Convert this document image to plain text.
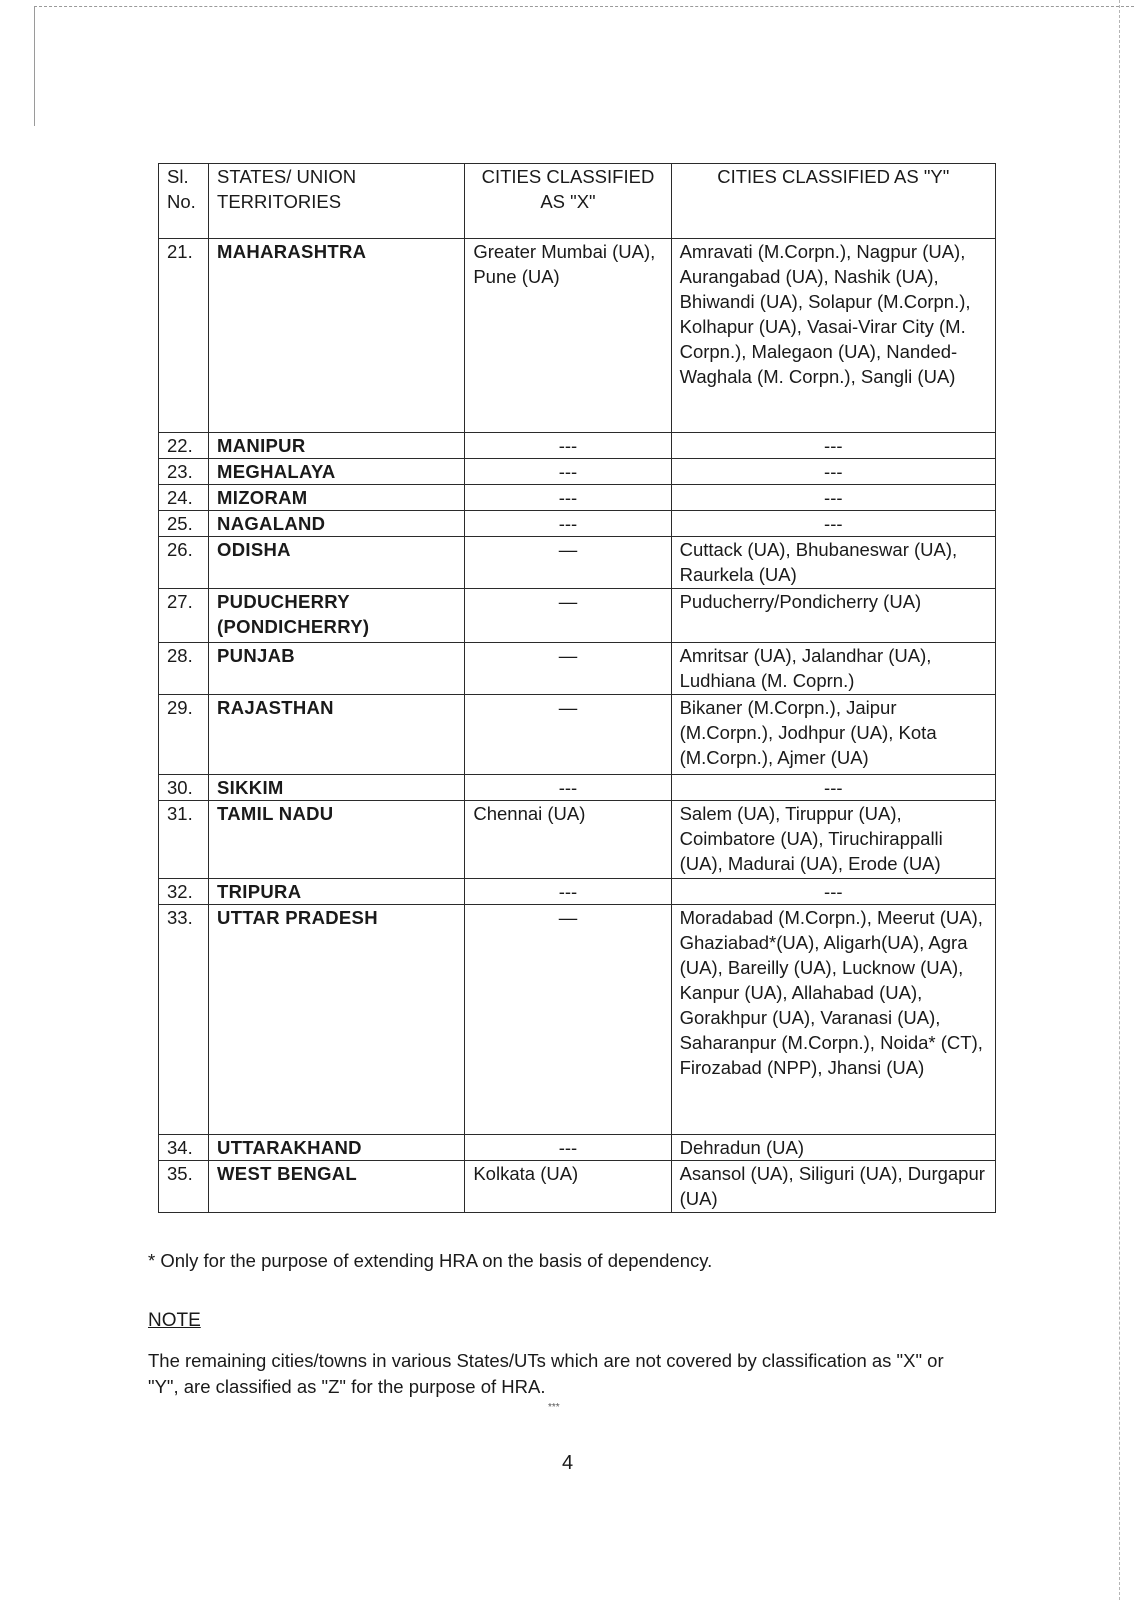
Sl. No.	STATES/ UNION TERRITORIES	CITIES CLASSIFIED AS "X"	CITIES CLASSIFIED AS "Y"
21.	MAHARASHTRA	Greater Mumbai (UA), Pune (UA)	Amravati (M.Corpn.), Nagpur (UA), Aurangabad (UA), Nashik (UA), Bhiwandi (UA), Solapur (M.Corpn.), Kolhapur (UA), Vasai-Virar City (M. Corpn.), Malegaon (UA), Nanded-Waghala (M. Corpn.), Sangli (UA)
22.	MANIPUR	---	---
23.	MEGHALAYA	---	---
24.	MIZORAM	---	---
25.	NAGALAND	---	---
26.	ODISHA	—	Cuttack (UA), Bhubaneswar (UA), Raurkela (UA)
27.	PUDUCHERRY (PONDICHERRY)	—	Puducherry/Pondicherry (UA)
28.	PUNJAB	—	Amritsar (UA), Jalandhar (UA), Ludhiana (M. Coprn.)
29.	RAJASTHAN	—	Bikaner (M.Corpn.), Jaipur (M.Corpn.), Jodhpur (UA), Kota (M.Corpn.), Ajmer (UA)
30.	SIKKIM	---	---
31.	TAMIL NADU	Chennai (UA)	Salem (UA), Tiruppur (UA), Coimbatore (UA), Tiruchirappalli (UA), Madurai (UA), Erode (UA)
32.	TRIPURA	---	---
33.	UTTAR PRADESH	—	Moradabad (M.Corpn.), Meerut (UA), Ghaziabad*(UA), Aligarh(UA), Agra (UA), Bareilly (UA), Lucknow (UA), Kanpur (UA), Allahabad (UA), Gorakhpur (UA), Varanasi (UA), Saharanpur (M.Corpn.), Noida* (CT), Firozabad (NPP), Jhansi (UA)
34.	UTTARAKHAND	---	Dehradun (UA)
35.	WEST BENGAL	Kolkata (UA)	Asansol (UA), Siliguri (UA), Durgapur (UA)
* Only for the purpose of extending HRA on the basis of dependency.
NOTE
The remaining cities/towns in various States/UTs which are not covered by classification as "X" or "Y", are classified as "Z" for the purpose of HRA.
***
4
